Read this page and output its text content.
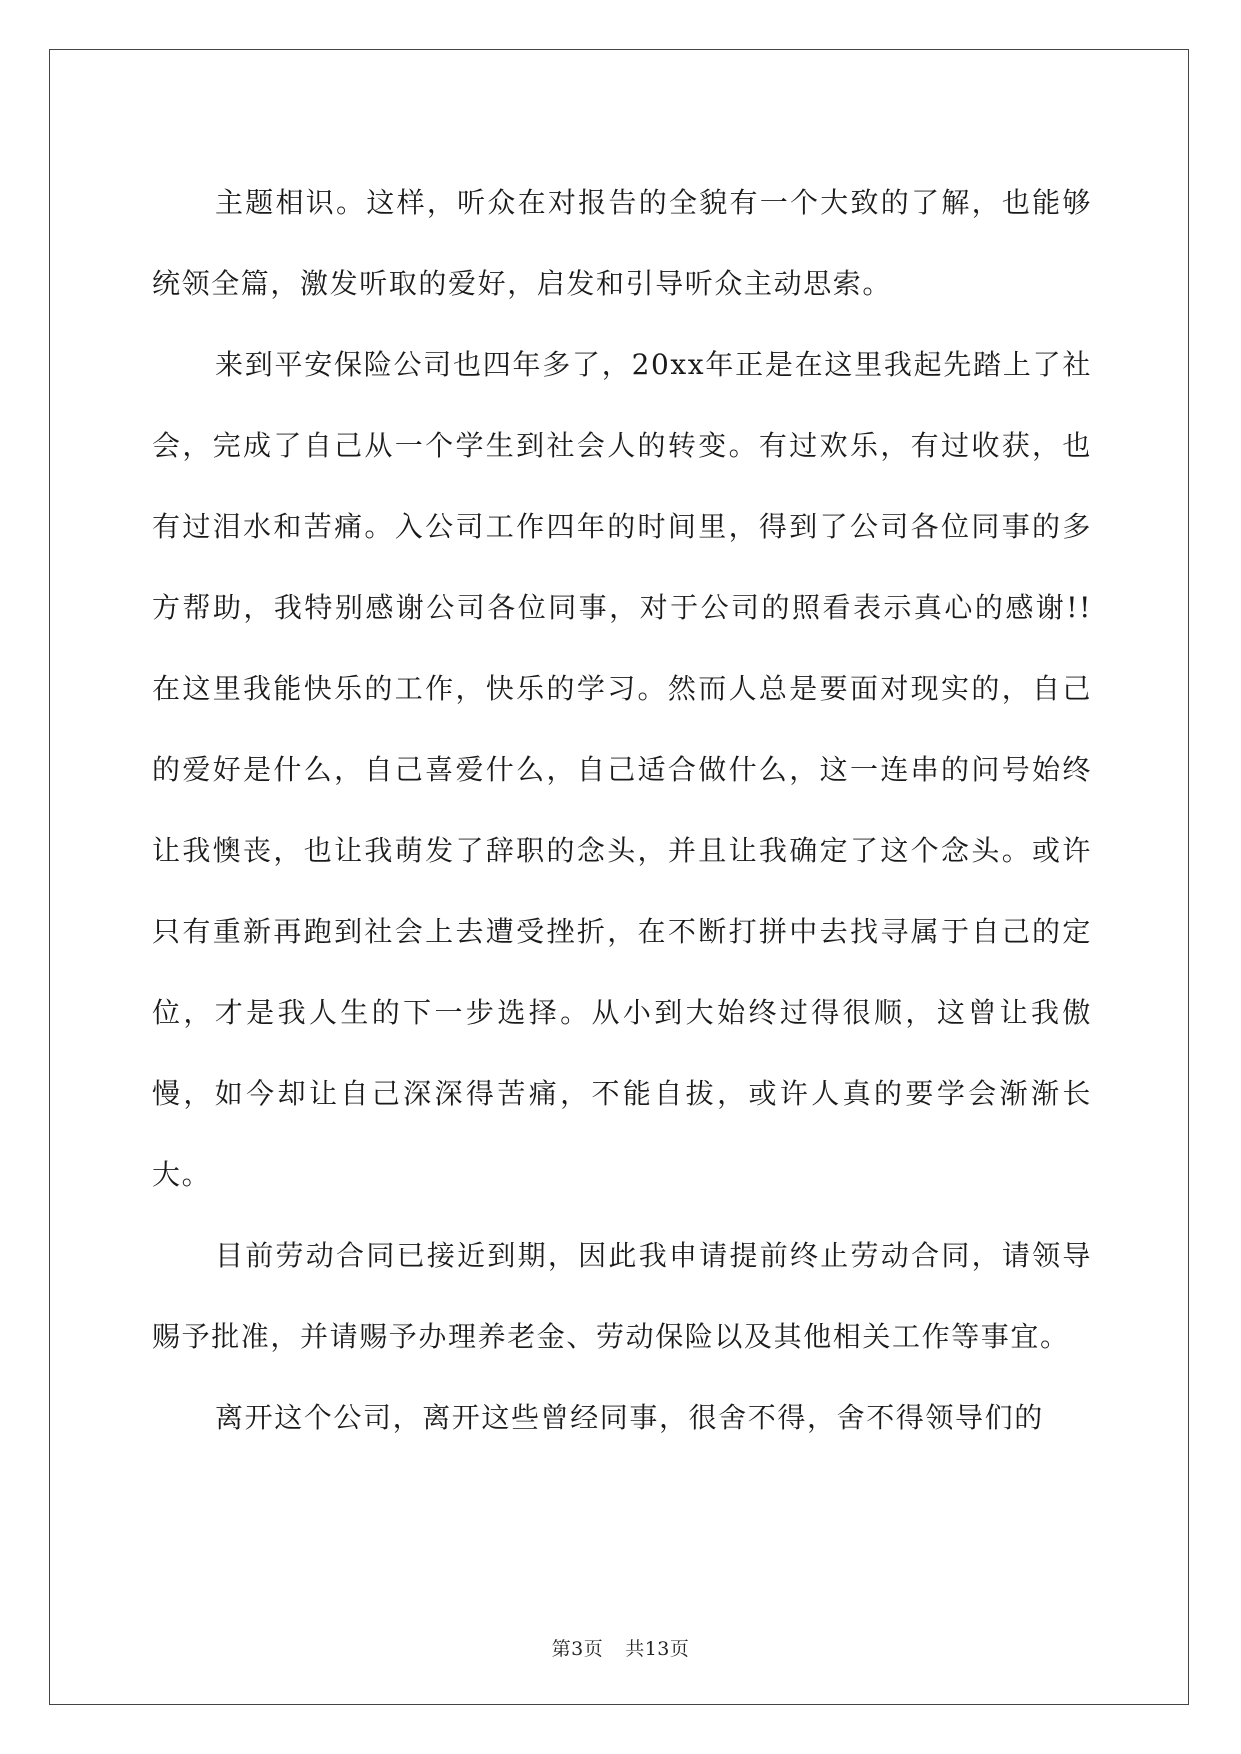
主题相识。这样，听众在对报告的全貌有一个大致的了解，也能够统领全篇，激发听取的爱好，启发和引导听众主动思索。

来到平安保险公司也四年多了，20xx年正是在这里我起先踏上了社会，完成了自己从一个学生到社会人的转变。有过欢乐，有过收获，也有过泪水和苦痛。入公司工作四年的时间里，得到了公司各位同事的多方帮助，我特别感谢公司各位同事，对于公司的照看表示真心的感谢!! 在这里我能快乐的工作，快乐的学习。然而人总是要面对现实的，自己的爱好是什么，自己喜爱什么，自己适合做什么，这一连串的问号始终让我懊丧，也让我萌发了辞职的念头，并且让我确定了这个念头。或许只有重新再跑到社会上去遭受挫折，在不断打拼中去找寻属于自己的定位，才是我人生的下一步选择。从小到大始终过得很顺，这曾让我傲慢，如今却让自己深深得苦痛，不能自拔，或许人真的要学会渐渐长大。

目前劳动合同已接近到期，因此我申请提前终止劳动合同，请领导赐予批准，并请赐予办理养老金、劳动保险以及其他相关工作等事宜。

离开这个公司，离开这些曾经同事，很舍不得，舍不得领导们的

第3页 共13页
